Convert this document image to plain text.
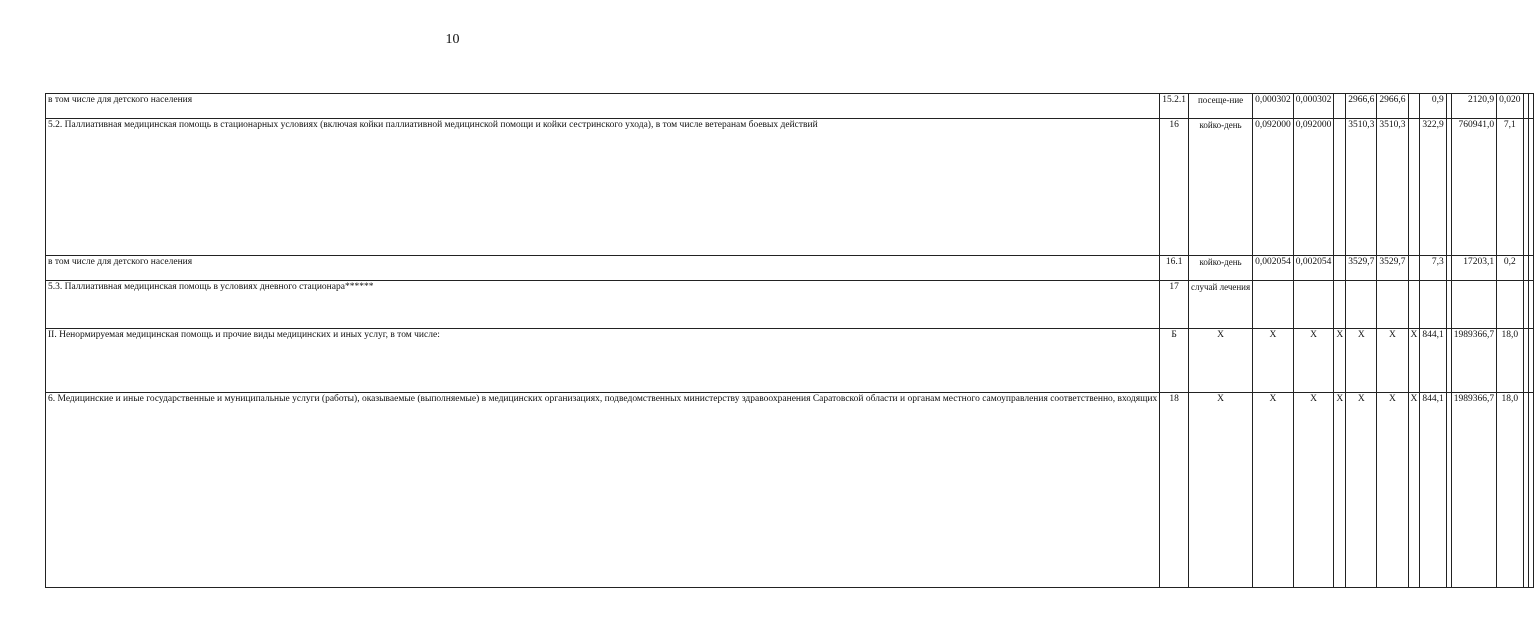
10
в том числе для детского населения	15.2.1	посеще-ние	0,000302	0,000302		2966,6	2966,6		0,9		2120,9	0,020		
5.2. Паллиативная медицинская помощь в стационарных условиях (включая койки паллиативной медицинской помощи и койки сестринского ухода), в том числе ветеранам боевых действий	16	койко-день	0,092000	0,092000		3510,3	3510,3		322,9		760941,0	7,1		
в том числе для детского населения	16.1	койко-день	0,002054	0,002054		3529,7	3529,7		7,3		17203,1	0,2		
5.3. Паллиативная медицинская помощь в условиях дневного стационара******	17	случай лечения												
II. Ненормируемая медицинская помощь и прочие виды медицинских и иных услуг, в том числе:	Б	Х	Х	Х	Х	Х	Х	Х	844,1		1989366,7	18,0		
6. Медицинские и иные государственные и муниципальные услуги (работы), оказываемые (выполняемые) в медицинских организациях, подведомственных министерству здравоохранения Саратовской области и органам местного самоуправления соответственно, входящих	18	Х	Х	Х	Х	Х	Х	Х	844,1		1989366,7	18,0		
